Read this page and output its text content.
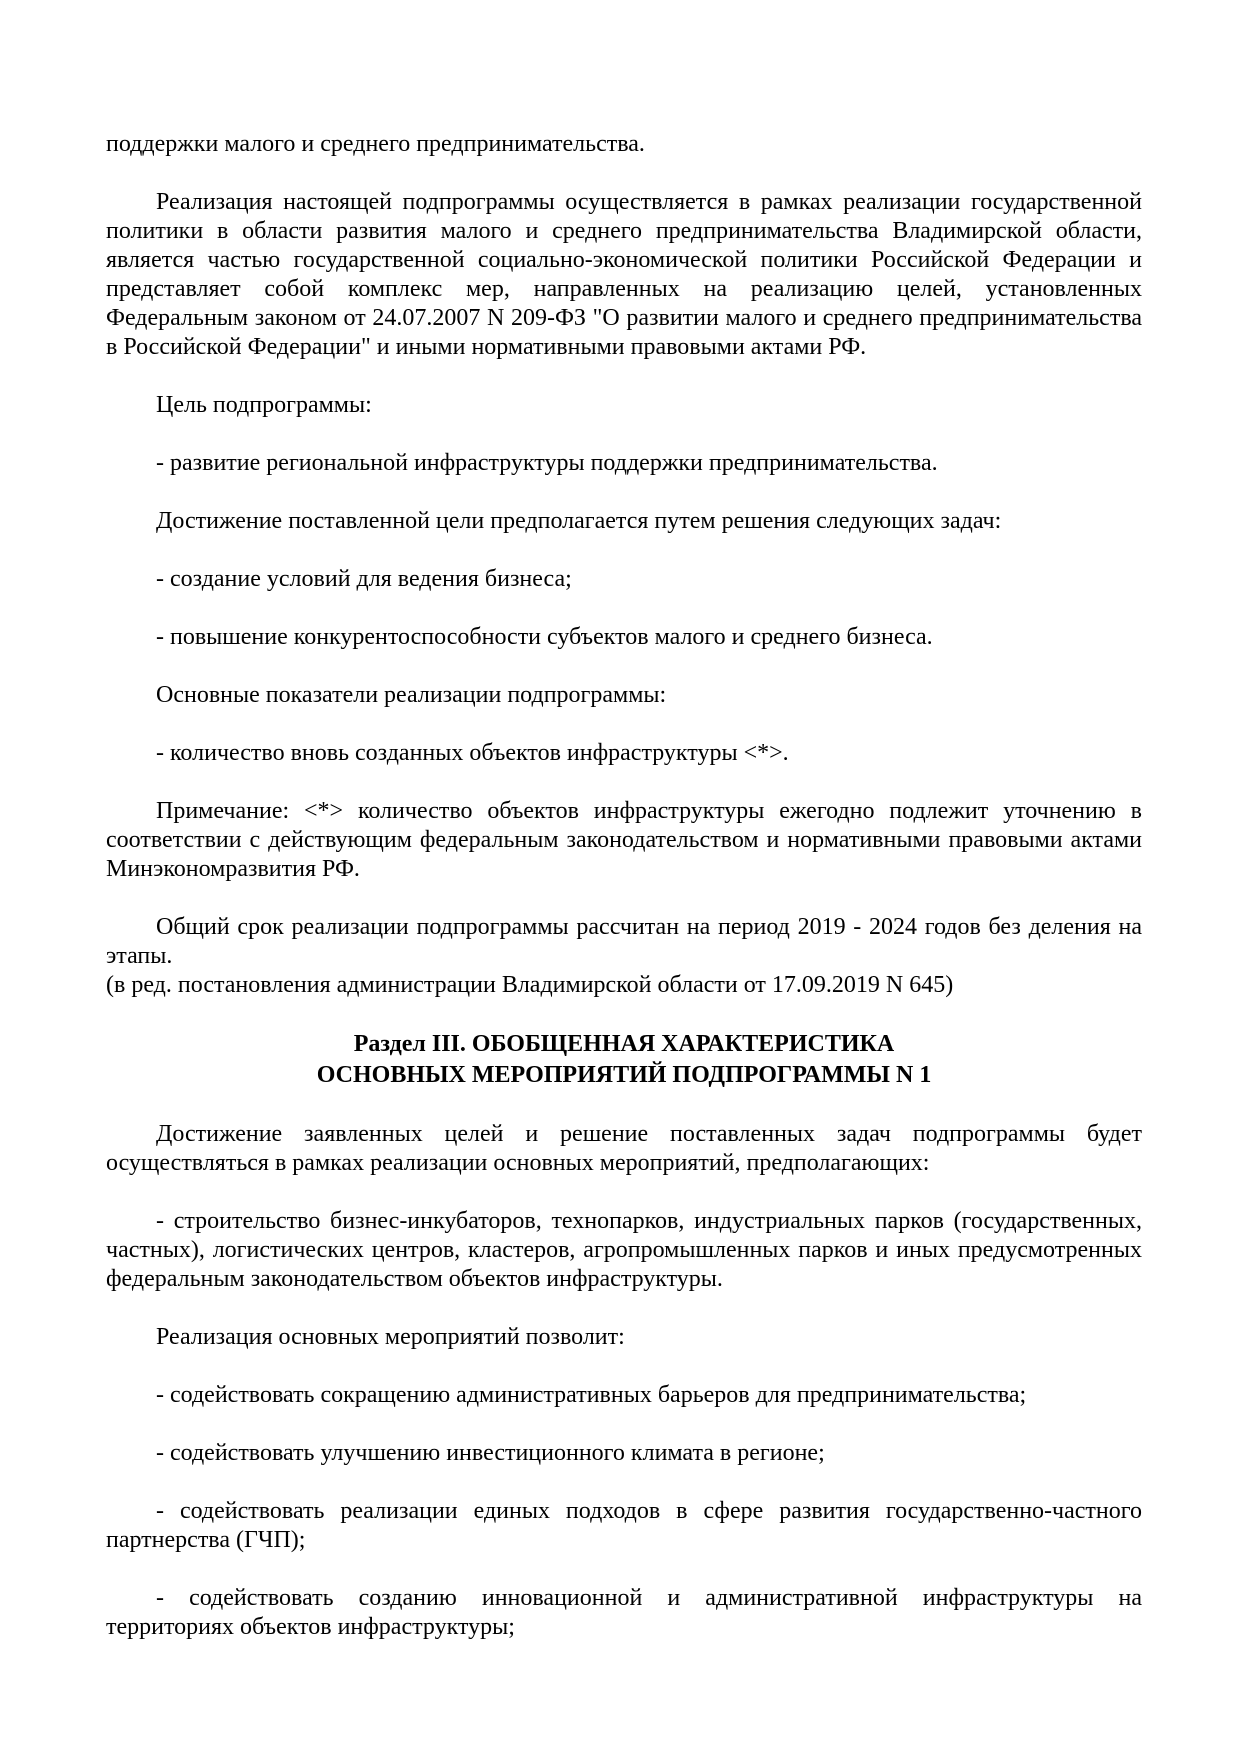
поддержки малого и среднего предпринимательства.

Реализация настоящей подпрограммы осуществляется в рамках реализации государственной политики в области развития малого и среднего предпринимательства Владимирской области, является частью государственной социально-экономической политики Российской Федерации и представляет собой комплекс мер, направленных на реализацию целей, установленных Федеральным законом от 24.07.2007 N 209-ФЗ "О развитии малого и среднего предпринимательства в Российской Федерации" и иными нормативными правовыми актами РФ.

Цель подпрограммы:

- развитие региональной инфраструктуры поддержки предпринимательства.

Достижение поставленной цели предполагается путем решения следующих задач:

- создание условий для ведения бизнеса;

- повышение конкурентоспособности субъектов малого и среднего бизнеса.

Основные показатели реализации подпрограммы:

- количество вновь созданных объектов инфраструктуры <*>.

Примечание: <*> количество объектов инфраструктуры ежегодно подлежит уточнению в соответствии с действующим федеральным законодательством и нормативными правовыми актами Минэкономразвития РФ.

Общий срок реализации подпрограммы рассчитан на период 2019 - 2024 годов без деления на этапы.

(в ред. постановления администрации Владимирской области от 17.09.2019 N 645)

Раздел III. ОБОБЩЕННАЯ ХАРАКТЕРИСТИКА
ОСНОВНЫХ МЕРОПРИЯТИЙ ПОДПРОГРАММЫ N 1

Достижение заявленных целей и решение поставленных задач подпрограммы будет осуществляться в рамках реализации основных мероприятий, предполагающих:

- строительство бизнес-инкубаторов, технопарков, индустриальных парков (государственных, частных), логистических центров, кластеров, агропромышленных парков и иных предусмотренных федеральным законодательством объектов инфраструктуры.

Реализация основных мероприятий позволит:

- содействовать сокращению административных барьеров для предпринимательства;

- содействовать улучшению инвестиционного климата в регионе;

- содействовать реализации единых подходов в сфере развития государственно-частного партнерства (ГЧП);

- содействовать созданию инновационной и административной инфраструктуры на территориях объектов инфраструктуры;
